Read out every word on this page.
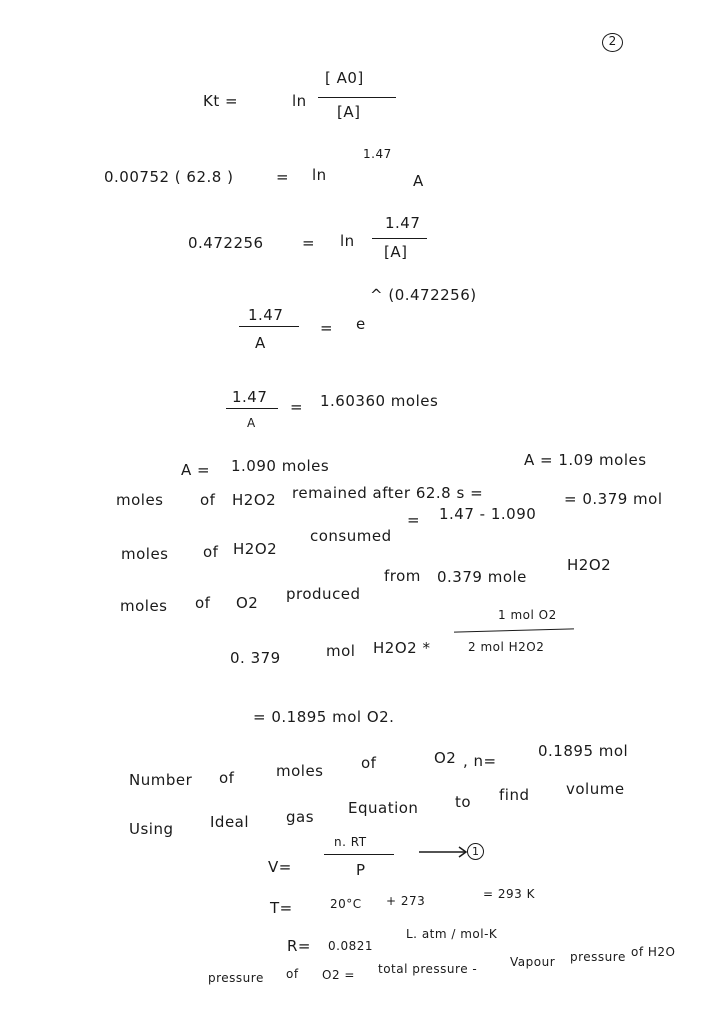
2
Kt =	ln
[ A0]
[A]
0.00752 ( 62.8 )	= ln
1.47
A
0.472256	= ln
1.47
[A]
^ (0.472256)
1.47
A
= e
1.47
A
= 1.60360 moles
A = 1.090 moles
moles of H2O2 remained after 62.8 s =
A = 1.09 moles
moles of H2O2
consumed
= 1.47 - 1.090
= 0.379 mol
moles of O2 produced
from 0.379 mole
H2O2
0. 379	mol H2O2 *
1 mol O2
2 mol H2O2
= 0.1895 mol O2.
Number of	moles	of	O2 , n=
0.1895 mol
Using Ideal gas Equation to find volume
V=
n. RT
P
1
T=	20°C + 273	= 293 K
R= 0.0821
L. atm / mol-K
pressure of O2 = total pressure -	Vapour pressure of H2O
